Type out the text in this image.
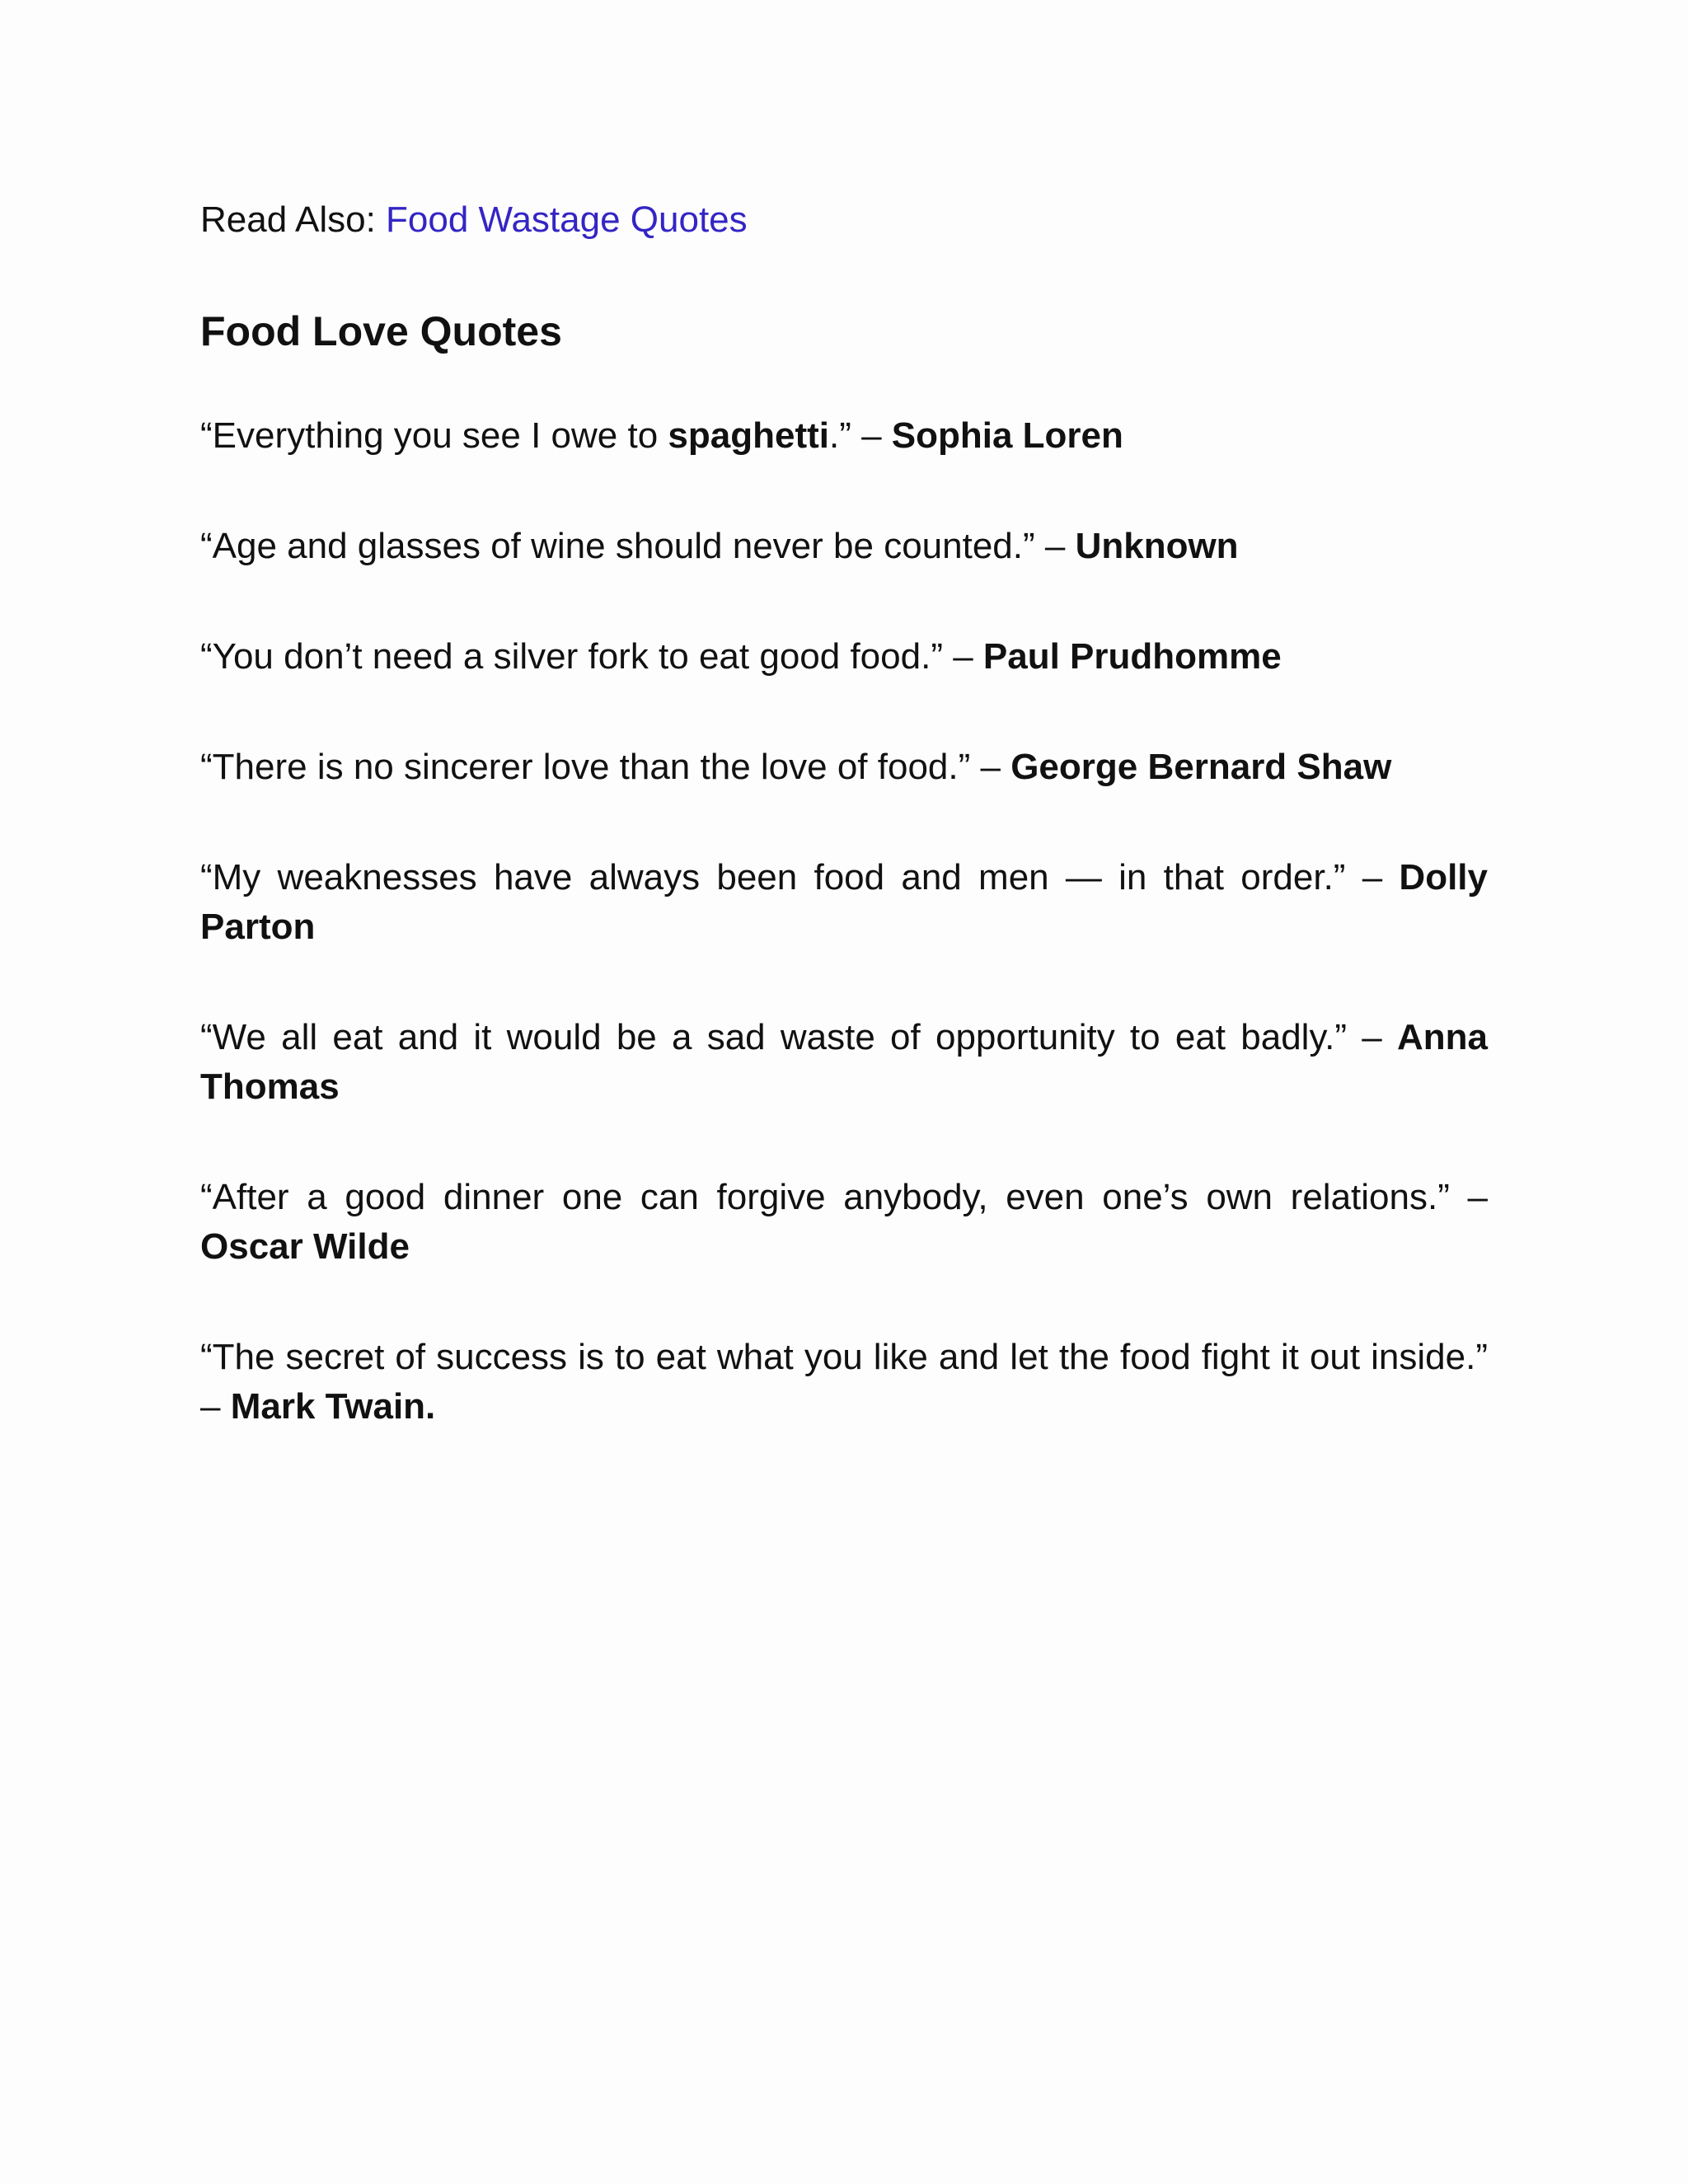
Read Also: Food Wastage Quotes

Food Love Quotes

“Everything you see I owe to spaghetti.” – Sophia Loren

“Age and glasses of wine should never be counted.” – Unknown

“You don’t need a silver fork to eat good food.” – Paul Prudhomme

“There is no sincerer love than the love of food.” – George Bernard Shaw

“My weaknesses have always been food and men — in that order.” – Dolly Parton

“We all eat and it would be a sad waste of opportunity to eat badly.” – Anna Thomas

“After a good dinner one can forgive anybody, even one’s own relations.” – Oscar Wilde

“The secret of success is to eat what you like and let the food fight it out inside.” – Mark Twain.
